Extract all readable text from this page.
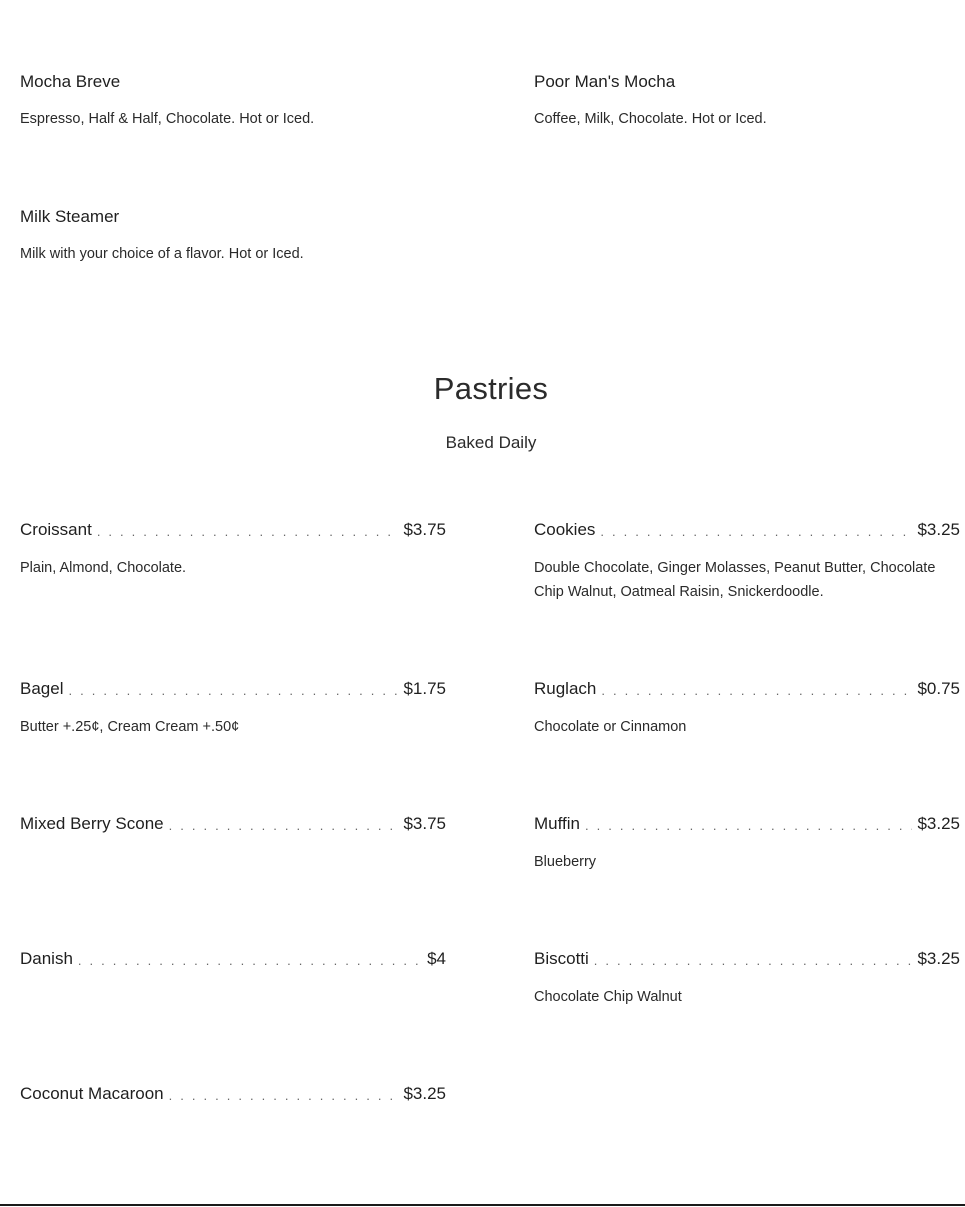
Mocha Breve
Espresso, Half & Half, Chocolate. Hot or Iced.
Poor Man's Mocha
Coffee, Milk, Chocolate. Hot or Iced.
Milk Steamer
Milk with your choice of a flavor. Hot or Iced.
Pastries
Baked Daily
Croissant . . .	$3.75
Plain, Almond, Chocolate.
Cookies . . .	$3.25
Double Chocolate, Ginger Molasses, Peanut Butter, Chocolate Chip Walnut, Oatmeal Raisin, Snickerdoodle.
Bagel . . .	$1.75
Butter +.25¢, Cream Cream +.50¢
Ruglach . . .	$0.75
Chocolate or Cinnamon
Mixed Berry Scone . . .	$3.75	Muffin . . .	$3.25
Blueberry
Danish . . .	$4	Biscotti . . .	$3.25
Chocolate Chip Walnut
Coconut Macaroon . . .	$3.25
